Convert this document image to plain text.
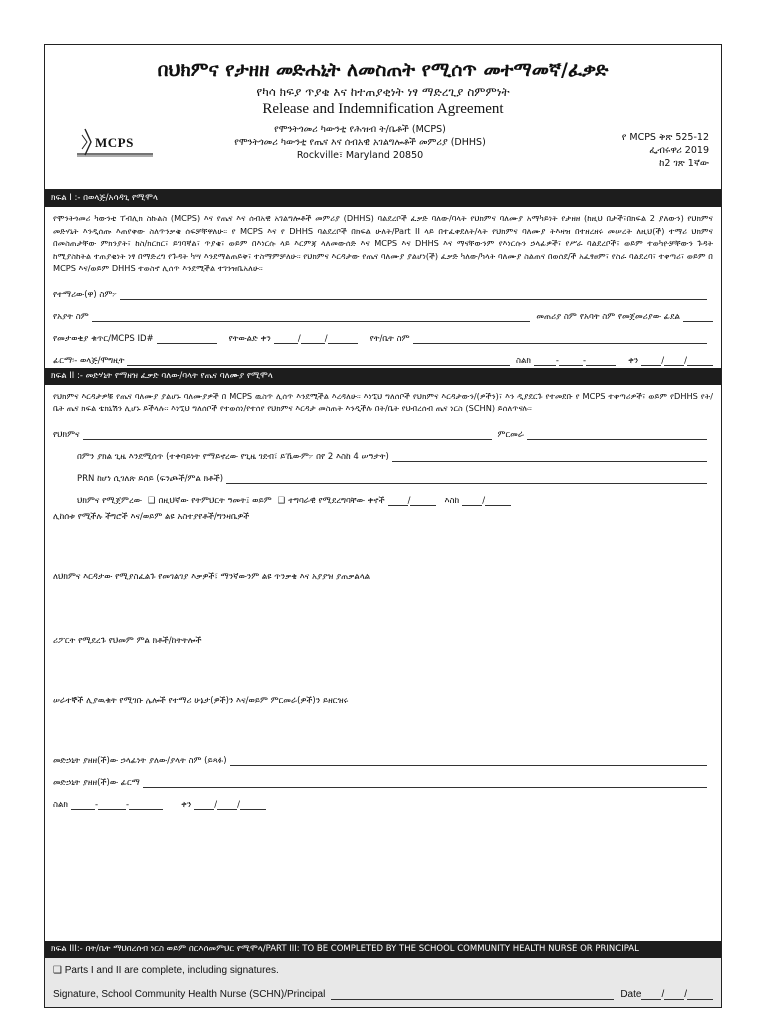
በህክምና የታዘዘ መድሐኒት ለመስጠት የሚሰጥ መተማመኛ/ፈቃድ
የካሳ ክፍያ ጥያቄ እና ከተጠያቂነት ነፃ ማድረጊያ ስምምነት
Release and Indemnification Agreement
MCPS
የሞንትጎመሪ ካውንቲ የሕዝብ ት/ቤቶች (MCPS)
የሞንትጎመሪ ካውንቲ የጤና እና ሰብአዊ አገልግሎቶች መምሪያ (DHHS)
Rockville፣ Maryland 20850
የ MCPS ቅጽ 525-12
ፌብሩዋሪ 2019
ከ2 ገጽ 1ኛው
ክፍል I :- በወላጅ/አሳዳጊ የሚሞላ
የሞንትጎመሪ ካውንቲ ፐብሊክ ስኩልስ (MCPS) እና የጤና እና ሰብአዊ አገልግሎቶች መምሪያ (DHHS) ባልደረቦች ፈቃድ ባለው/ባላት የህክምና ባለሙያ አማካይነት የታዘዘ (ከዚህ በታች፣በክፍል 2 ያለውን) የህክምና መድሃኒት እንዲሰጡ እጠየቀው ስለጥንቃቄ ሰፍቻቸዋለሁ። የ MCPS እና የ DHHS ባልደረቦች በክፍል ሁለት/Part II ላይ በተፈቀደለት/ላት የህክምና ባለሙያ ትእዛዝ በተዘረዘሩ መሠረት ለዚህ(ች) ተማሪ ህክምና በመስጠታቸው ምክንያት፣ ከስ/ክርክር፣ ይገባኛል፣ ጥያቄ፣ ወይም በእነርሱ ላይ እርምጃ ላለመውሰድ እና MCPS እና DHHS እና ማናቸውንም የእነርሱን ኃላፊዎች፣ የሥራ ባልደረቦች፣ ወይም ተወካዮቻቸውን ጉዳት ከሚያስከትል ተጠያቂነት ነፃ በማድረግ የጉዳት ካሣ እንደማልጠይቅ፣ ተስማምቻለሁ። የህክምና እርዳታው የጤና ባለሙያ ያልሆነ(ች) ፈቃድ ካለው/ካላት ባለሙያ ስልጠና በወሰደ/ች አፈፃፀም፣ የስራ ባልደረባ፣ ተቀጣሪ፣ ወይም በ MCPS እና/ወይም DHHS ተወስኖ ሊሰጥ እንደሚችል ተገንዝቤአለሁ።
የተማሪው(ዋ) ስም፦
የአያት ስም	መጠሪያ ስም የአባት ስም የመጀመሪያው ፊደል
የመታወቂያ ቁጥር/MCPS ID#	የትውልድ ቀን	/	/	የት/ቤት ስም
ፊርማ፡- ወላጅ/ሞግዚት	ስልክ	-	-	ቀን	/
/
ክፍል II :- መድሃኒት የማዘዝ ፈቃድ ባለው/ባላት የጤና ባለሙያ የሚሞላ
የህክምና እርዳታዎቹ የጤና ባለሙያ ያልሆኑ ባለሙያዎች በ MCPS ዉስጥ ሊሰጥ እንደሚችል እረዳለሁ። እነኚህ ግለሰቦች የህክምና እርዳታውን/(ዎችን)፣ እን ዲያደርጉ የተመደቡ የ MCPS ተቀጣሪዎች፣ ወይም የDHHS የት/ቤት ጤና ክፍል ቴክኒሽን ሊሆኑ ይችላሉ። እነኚህ ግለሰቦች የተወሰነ/የተሰየ የህክምና እርዳታ መስጠት እንዲችሉ በት/ቤት የህብረሰብ ጤና ነርስ (SCHN) ይሰለጥናሉ።
የህክምና	ምርመራ
በምን ያክል ጊዜ እንደሚሰጥ (ተቀባይነት የማይኖረው የጊዜ ገደብ፣ ይኼውም፦ በየ 2 እስከ 4 ሠዓታት)
PRN ከሆነ ሲገለጽ ይሰይ (ፍንጮች/ምል ክቶች)
ህክምና የሚጀምረው ❑ በዚህኛው የትምህርት ዓመት፤ ወይም ❑ ተግባራዊ የሚደረግባቸው ቀኖች	/	እስከ	/
ሊከሰቱ የሚችሉ ችግሮች እና/ወይም ልዩ አስተያየቶች/ግንዛቤዎች
ለህክምና እርዳታው የሚያስፈልጉ የመገልገያ እቃዎች፣ ማንኛውንም ልዩ ጥንቃቄ እና አያያዝ ያጠቃልላል
ሪፖርት የሚደረጉ የህመም ምል ክቶች/ከትትሎች
ሠራተኞች ሊያዉቁት የሚገቡ ሌሎች የተማሪ ሁኔታ(ዎች)ን እና/ወይም ምርመራ(ዎች)ን ይዘርዝሩ
መድኃኒት ያዘዘ(ች)ው ኃላፊነት ያለው/ያላት ስም (ይጻፉ)
መድኃኒት ያዘዘ(ች)ው ፊርማ
ስልክ	-	-	ቀን	/
/
ክፍል III:- በት/ቤት ማህበረሰብ ነርስ ወይም በርእሰመምህር የሚሞላ/PART III: TO BE COMPLETED BY THE SCHOOL COMMUNITY HEALTH NURSE OR PRINCIPAL
❑ Parts I and II are complete, including signatures.
Signature, School Community Health Nurse (SCHN)/Principal	Date /
/
